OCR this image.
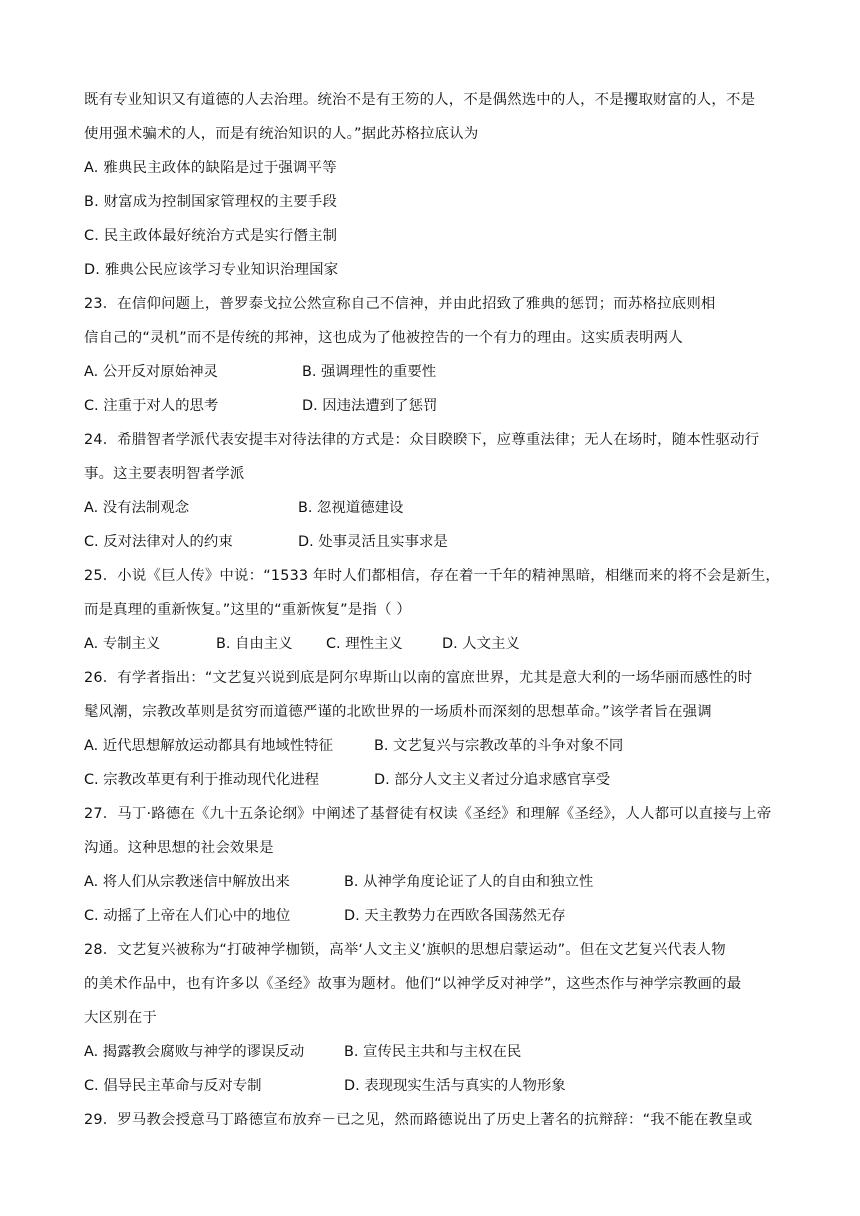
既有专业知识又有道德的人去治理。统治不是有王笏的人，不是偶然选中的人，不是攫取财富的人，不是
使用强术骗术的人，而是有统治知识的人。”据此苏格拉底认为
A. 雅典民主政体的缺陷是过于强调平等
B. 财富成为控制国家管理权的主要手段
C. 民主政体最好统治方式是实行僭主制
D. 雅典公民应该学习专业知识治理国家
23．在信仰问题上，普罗泰戈拉公然宣称自己不信神，并由此招致了雅典的惩罚；而苏格拉底则相
信自己的“灵机”而不是传统的邦神，这也成为了他被控告的一个有力的理由。这实质表明两人
A. 公开反对原始神灵	B. 强调理性的重要性
C. 注重于对人的思考	D. 因违法遭到了惩罚
24．希腊智者学派代表安提丰对待法律的方式是：众目睽睽下，应尊重法律；无人在场时，随本性驱动行
事。这主要表明智者学派
A. 没有法制观念	B. 忽视道德建设
C. 反对法律对人的约束	D. 处事灵活且实事求是
25．小说《巨人传》中说：“1533 年时人们都相信，存在着一千年的精神黑暗，相继而来的将不会是新生，
而是真理的重新恢复。”这里的“重新恢复”是指（ ）
A. 专制主义	B. 自由主义 C. 理性主义	D. 人文主义
26．有学者指出：“文艺复兴说到底是阿尔卑斯山以南的富庶世界，尤其是意大利的一场华丽而感性的时
髦风潮，宗教改革则是贫穷而道德严谨的北欧世界的一场质朴而深刻的思想革命。”该学者旨在强调
A. 近代思想解放运动都具有地域性特征	B. 文艺复兴与宗教改革的斗争对象不同
C. 宗教改革更有利于推动现代化进程	D. 部分人文主义者过分追求感官享受
27．马丁·路德在《九十五条论纲》中阐述了基督徒有权读《圣经》和理解《圣经》，人人都可以直接与上帝
沟通。这种思想的社会效果是
A. 将人们从宗教迷信中解放出来	B. 从神学角度论证了人的自由和独立性
C. 动摇了上帝在人们心中的地位	D. 天主教势力在西欧各国荡然无存
28．文艺复兴被称为“打破神学枷锁，高举‘人文主义’旗帜的思想启蒙运动”。但在文艺复兴代表人物
的美术作品中，也有许多以《圣经》故事为题材。他们“以神学反对神学”，这些杰作与神学宗教画的最
大区别在于
A. 揭露教会腐败与神学的谬误反动	B. 宣传民主共和与主权在民
C. 倡导民主革命与反对专制	D. 表现现实生活与真实的人物形象
29．罗马教会授意马丁路德宣布放弃－已之见，然而路德说出了历史上著名的抗辩辞：“我不能在教皇或
